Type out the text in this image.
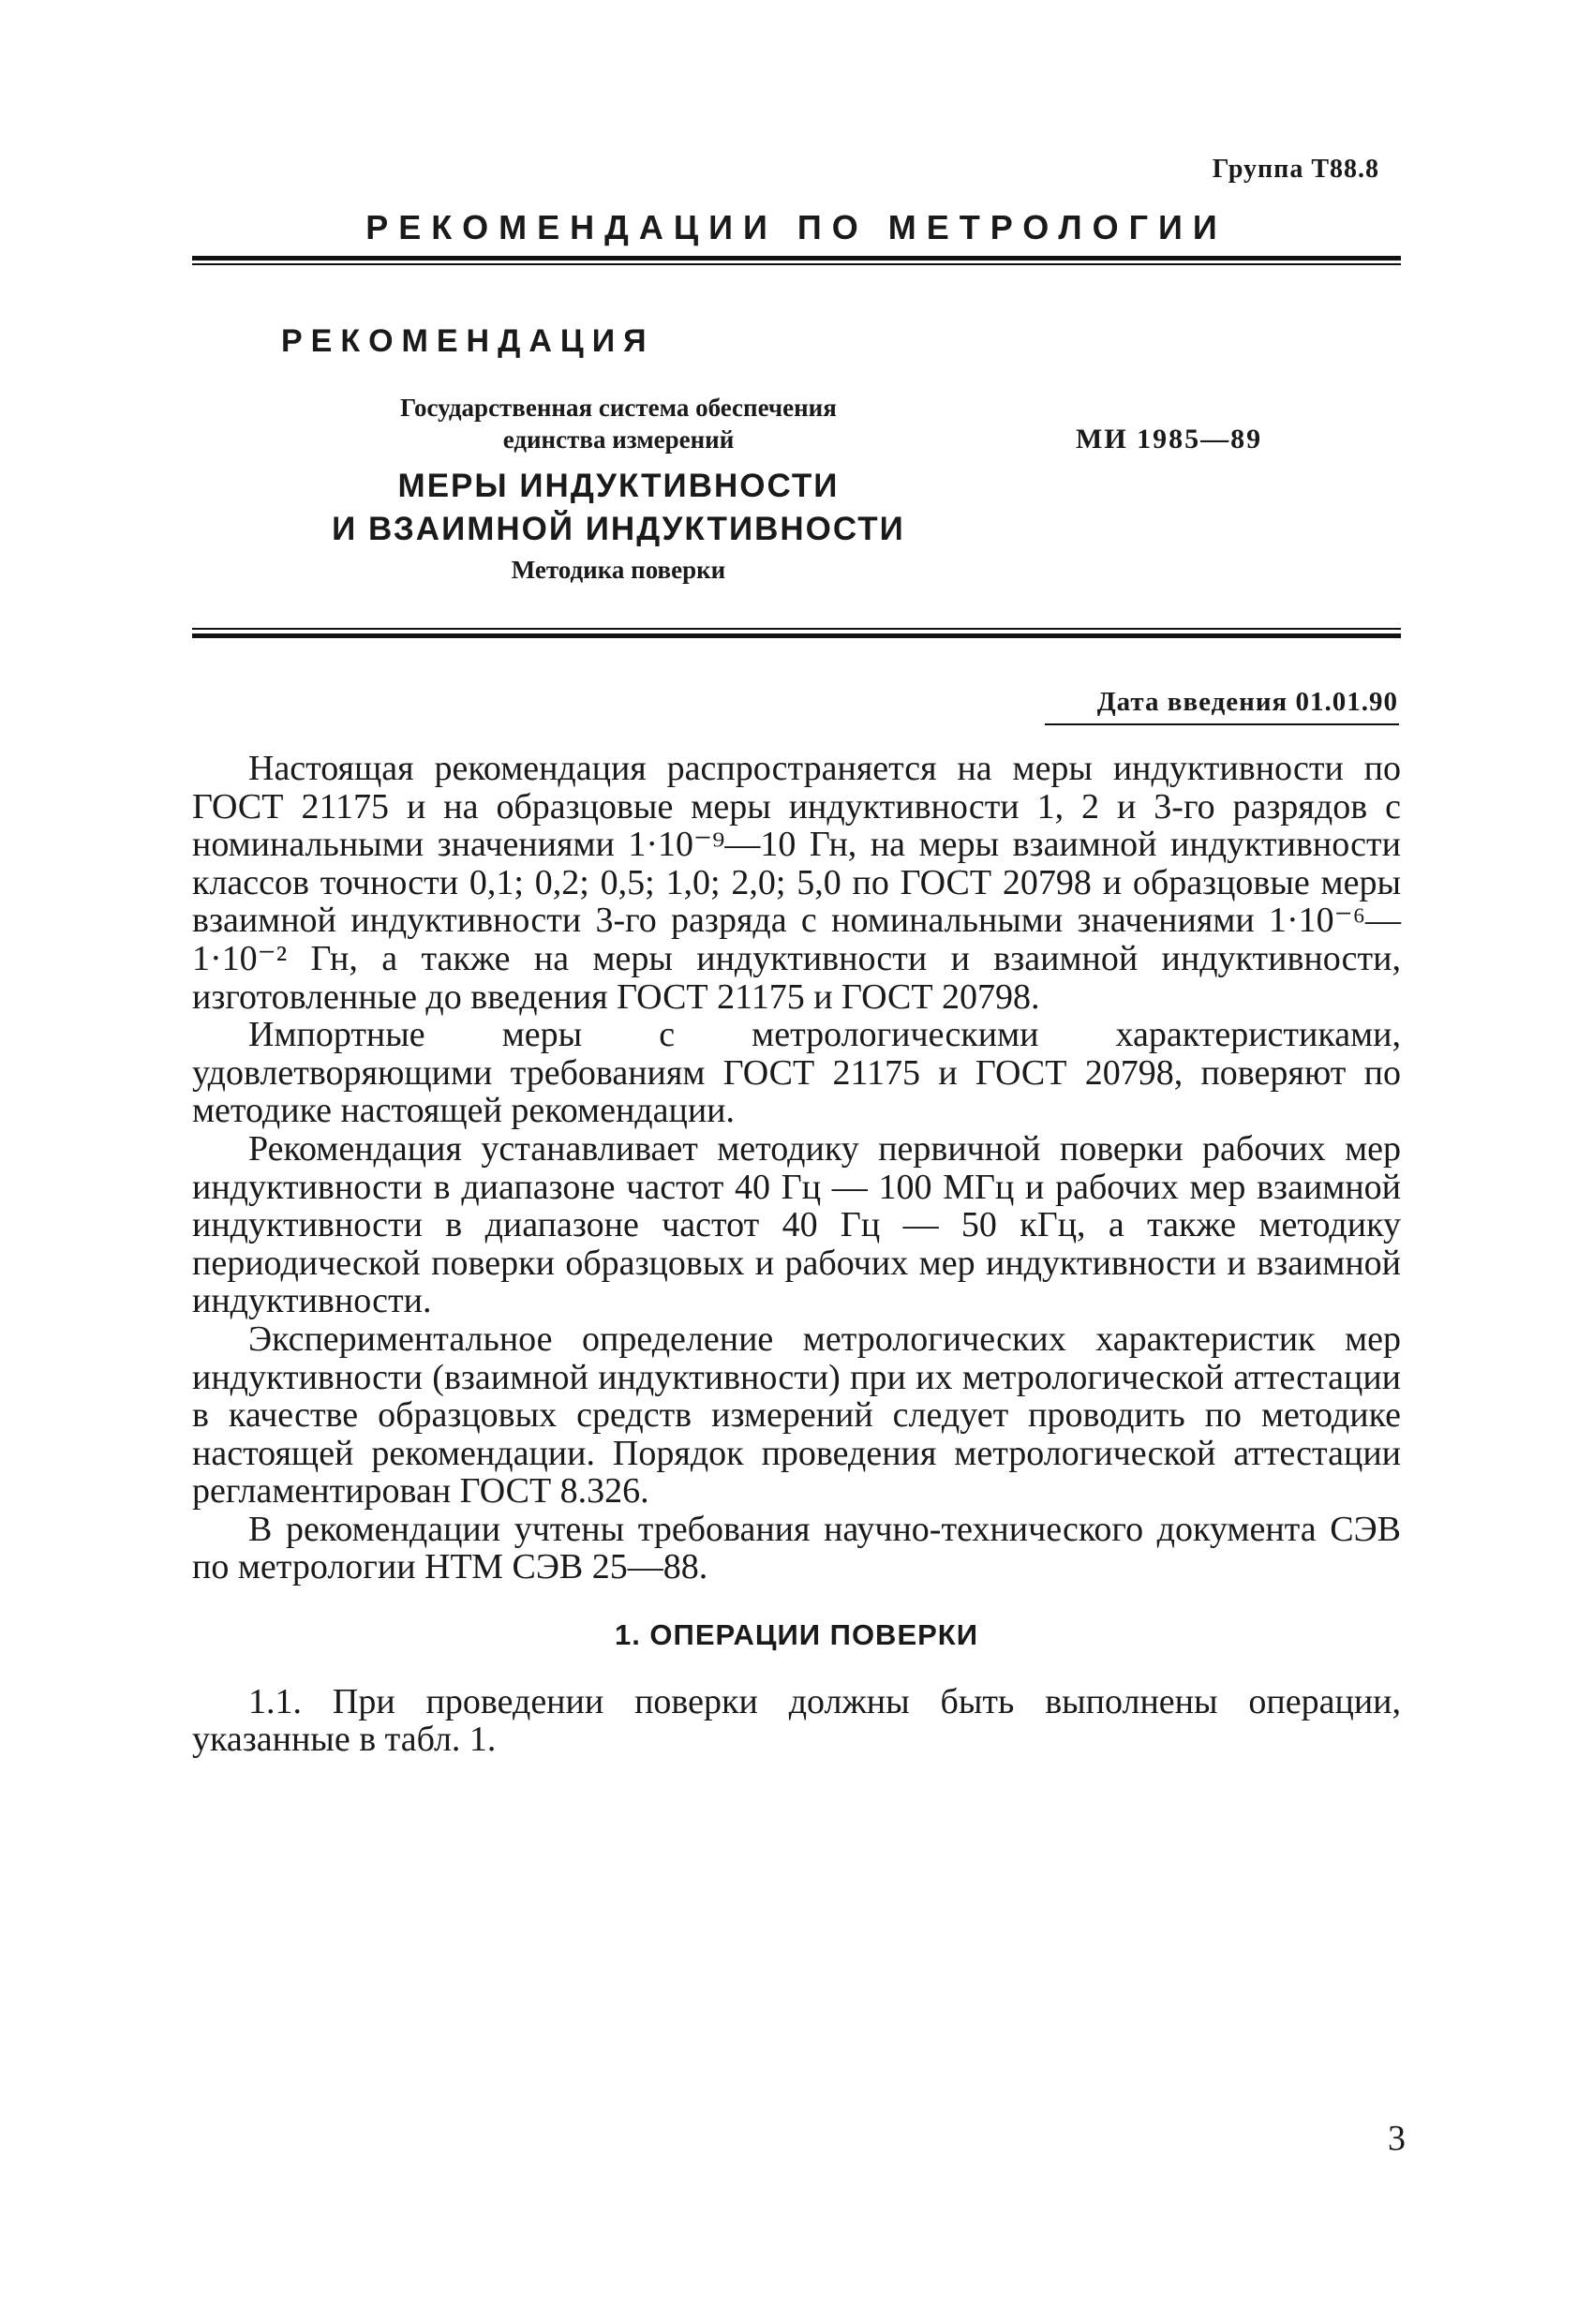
Группа Т88.8
РЕКОМЕНДАЦИИ ПО МЕТРОЛОГИИ
РЕКОМЕНДАЦИЯ
Государственная система обеспечения
единства измерений	МИ 1985—89
МЕРЫ ИНДУКТИВНОСТИ
И ВЗАИМНОЙ ИНДУКТИВНОСТИ
Методика поверки
Дата введения 01.01.90

Настоящая рекомендация распространяется на меры индуктивности по ГОСТ 21175 и на образцовые меры индуктивности 1, 2 и 3-го разрядов с номинальными значениями 1·10⁻⁹—10 Гн, на меры взаимной индуктивности классов точности 0,1; 0,2; 0,5; 1,0; 2,0; 5,0 по ГОСТ 20798 и образцовые меры взаимной индуктивности 3-го разряда с номинальными значениями 1·10⁻⁶—1·10⁻² Гн, а также на меры индуктивности и взаимной индуктивности, изготовленные до введения ГОСТ 21175 и ГОСТ 20798.

Импортные меры с метрологическими характеристиками, удовлетворяющими требованиям ГОСТ 21175 и ГОСТ 20798, поверяют по методике настоящей рекомендации.

Рекомендация устанавливает методику первичной поверки рабочих мер индуктивности в диапазоне частот 40 Гц — 100 МГц и рабочих мер взаимной индуктивности в диапазоне частот 40 Гц — 50 кГц, а также методику периодической поверки образцовых и рабочих мер индуктивности и взаимной индуктивности.

Экспериментальное определение метрологических характеристик мер индуктивности (взаимной индуктивности) при их метрологической аттестации в качестве образцовых средств измерений следует проводить по методике настоящей рекомендации. Порядок проведения метрологической аттестации регламентирован ГОСТ 8.326.

В рекомендации учтены требования научно-технического документа СЭВ по метрологии НТМ СЭВ 25—88.

1. ОПЕРАЦИИ ПОВЕРКИ

1.1. При проведении поверки должны быть выполнены операции, указанные в табл. 1.

3
